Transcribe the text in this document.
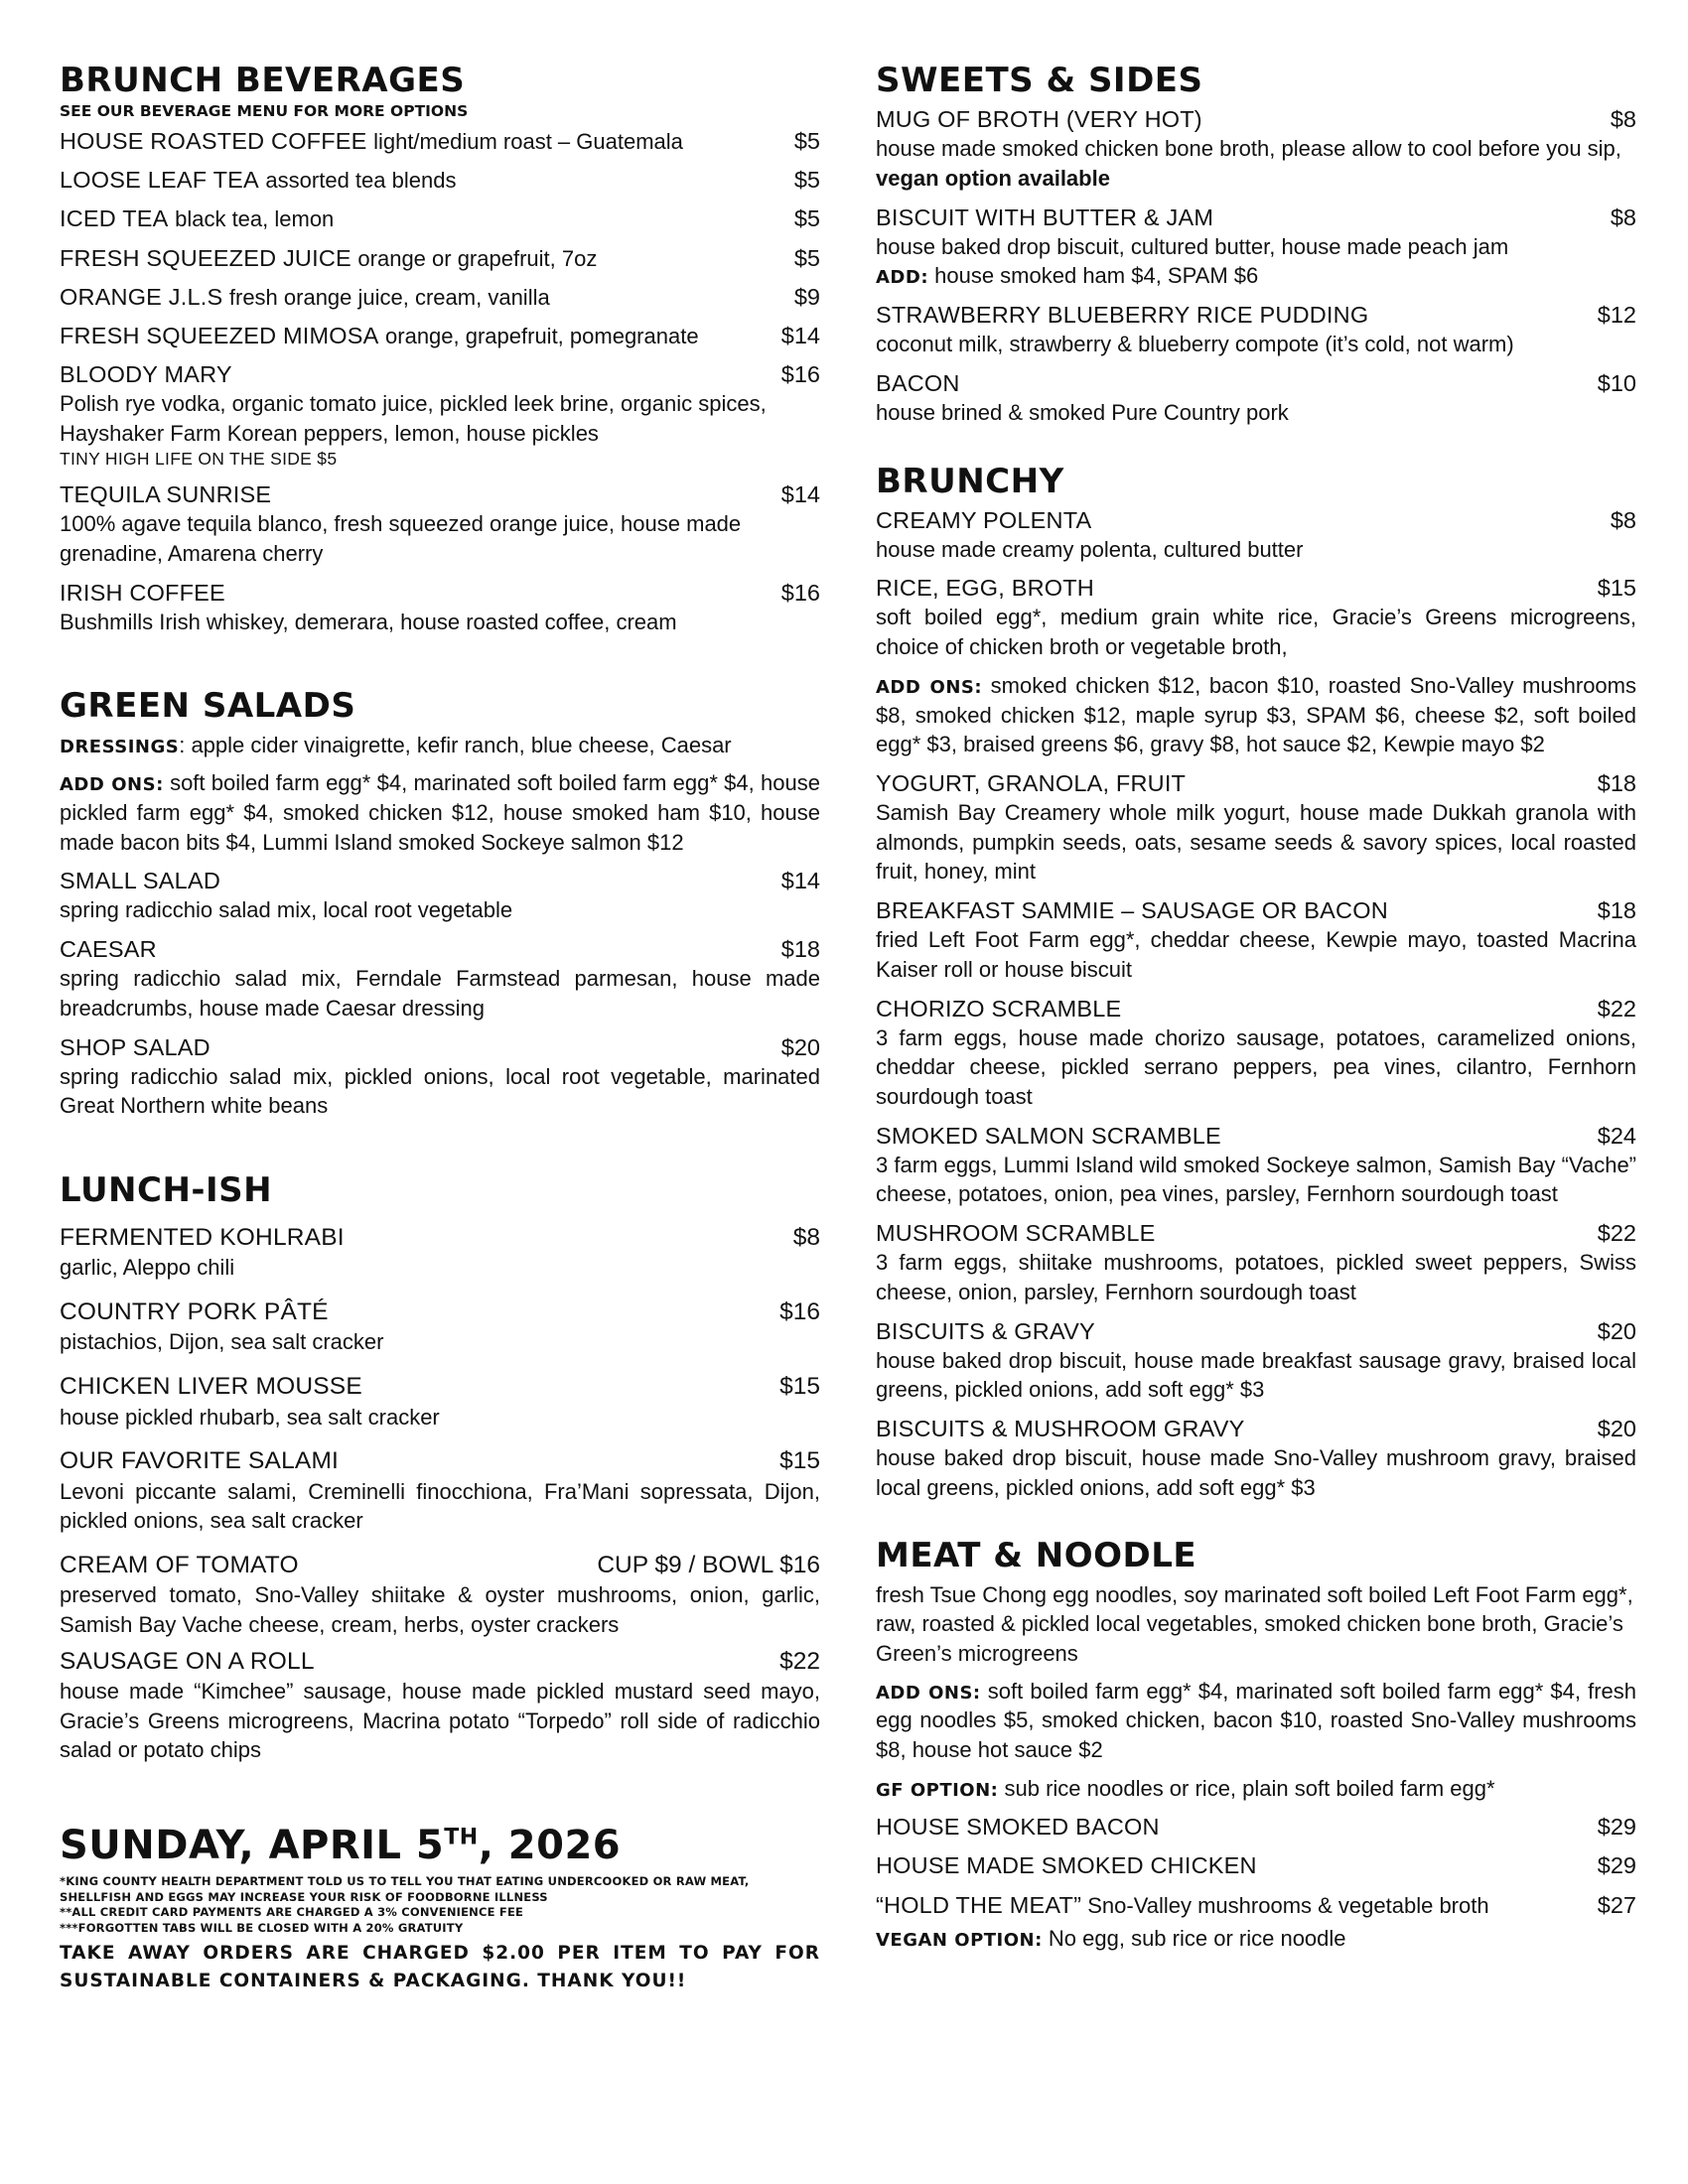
BRUNCH BEVERAGES
SEE OUR BEVERAGE MENU FOR MORE OPTIONS
HOUSE ROASTED COFFEE light/medium roast – Guatemala	$5
LOOSE LEAF TEA assorted tea blends	$5
ICED TEA black tea, lemon	$5
FRESH SQUEEZED JUICE orange or grapefruit, 7oz	$5
ORANGE J.L.S fresh orange juice, cream, vanilla	$9
FRESH SQUEEZED MIMOSA orange, grapefruit, pomegranate	$14
BLOODY MARY	$16
Polish rye vodka, organic tomato juice, pickled leek brine, organic spices, Hayshaker Farm Korean peppers, lemon, house pickles
TINY HIGH LIFE ON THE SIDE $5
TEQUILA SUNRISE	$14
100% agave tequila blanco, fresh squeezed orange juice, house made grenadine, Amarena cherry
IRISH COFFEE	$16
Bushmills Irish whiskey, demerara, house roasted coffee, cream
GREEN SALADS
DRESSINGS: apple cider vinaigrette, kefir ranch, blue cheese, Caesar
ADD ONS: soft boiled farm egg* $4, marinated soft boiled farm egg* $4, house pickled farm egg* $4, smoked chicken $12, house smoked ham $10, house made bacon bits $4, Lummi Island smoked Sockeye salmon $12
SMALL SALAD	$14
spring radicchio salad mix, local root vegetable
CAESAR	$18
spring radicchio salad mix, Ferndale Farmstead parmesan, house made breadcrumbs, house made Caesar dressing
SHOP SALAD	$20
spring radicchio salad mix, pickled onions, local root vegetable, marinated Great Northern white beans
LUNCH-ISH
FERMENTED KOHLRABI	$8
garlic, Aleppo chili
COUNTRY PORK PÂTÉ	$16
pistachios, Dijon, sea salt cracker
CHICKEN LIVER MOUSSE	$15
house pickled rhubarb, sea salt cracker
OUR FAVORITE SALAMI	$15
Levoni piccante salami, Creminelli finocchiona, Fra’Mani sopressata, Dijon, pickled onions, sea salt cracker
CREAM OF TOMATO	CUP $9 / BOWL $16
preserved tomato, Sno-Valley shiitake & oyster mushrooms, onion, garlic, Samish Bay Vache cheese, cream, herbs, oyster crackers
SAUSAGE ON A ROLL	$22
house made “Kimchee” sausage, house made pickled mustard seed mayo, Gracie’s Greens microgreens, Macrina potato “Torpedo” roll side of radicchio salad or potato chips
SUNDAY, APRIL 5TH, 2026
*KING COUNTY HEALTH DEPARTMENT TOLD US TO TELL YOU THAT EATING UNDERCOOKED OR RAW MEAT, SHELLFISH AND EGGS MAY INCREASE YOUR RISK OF FOODBORNE ILLNESS
**ALL CREDIT CARD PAYMENTS ARE CHARGED A 3% CONVENIENCE FEE
***FORGOTTEN TABS WILL BE CLOSED WITH A 20% GRATUITY
TAKE AWAY ORDERS ARE CHARGED $2.00 PER ITEM TO PAY FOR SUSTAINABLE CONTAINERS & PACKAGING. THANK YOU!!
SWEETS & SIDES
MUG OF BROTH (VERY HOT)	$8
house made smoked chicken bone broth, please allow to cool before you sip, vegan option available
BISCUIT WITH BUTTER & JAM	$8
house baked drop biscuit, cultured butter, house made peach jam
ADD: house smoked ham $4, SPAM $6
STRAWBERRY BLUEBERRY RICE PUDDING	$12
coconut milk, strawberry & blueberry compote (it’s cold, not warm)
BACON	$10
house brined & smoked Pure Country pork
BRUNCHY
CREAMY POLENTA	$8
house made creamy polenta, cultured butter
RICE, EGG, BROTH	$15
soft boiled egg*, medium grain white rice, Gracie’s Greens microgreens, choice of chicken broth or vegetable broth,
ADD ONS: smoked chicken $12, bacon $10, roasted Sno-Valley mushrooms $8, smoked chicken $12, maple syrup $3, SPAM $6, cheese $2, soft boiled egg* $3, braised greens $6, gravy $8, hot sauce $2, Kewpie mayo $2
YOGURT, GRANOLA, FRUIT	$18
Samish Bay Creamery whole milk yogurt, house made Dukkah granola with almonds, pumpkin seeds, oats, sesame seeds & savory spices, local roasted fruit, honey, mint
BREAKFAST SAMMIE – SAUSAGE OR BACON	$18
fried Left Foot Farm egg*, cheddar cheese, Kewpie mayo, toasted Macrina Kaiser roll or house biscuit
CHORIZO SCRAMBLE	$22
3 farm eggs, house made chorizo sausage, potatoes, caramelized onions, cheddar cheese, pickled serrano peppers, pea vines, cilantro, Fernhorn sourdough toast
SMOKED SALMON SCRAMBLE	$24
3 farm eggs, Lummi Island wild smoked Sockeye salmon, Samish Bay “Vache” cheese, potatoes, onion, pea vines, parsley, Fernhorn sourdough toast
MUSHROOM SCRAMBLE	$22
3 farm eggs, shiitake mushrooms, potatoes, pickled sweet peppers, Swiss cheese, onion, parsley, Fernhorn sourdough toast
BISCUITS & GRAVY	$20
house baked drop biscuit, house made breakfast sausage gravy, braised local greens, pickled onions, add soft egg* $3
BISCUITS & MUSHROOM GRAVY	$20
house baked drop biscuit, house made Sno-Valley mushroom gravy, braised local greens, pickled onions, add soft egg* $3
MEAT & NOODLE
fresh Tsue Chong egg noodles, soy marinated soft boiled Left Foot Farm egg*, raw, roasted & pickled local vegetables, smoked chicken bone broth, Gracie’s Green’s microgreens
ADD ONS: soft boiled farm egg* $4, marinated soft boiled farm egg* $4, fresh egg noodles $5, smoked chicken, bacon $10, roasted Sno-Valley mushrooms $8, house hot sauce $2
GF OPTION: sub rice noodles or rice, plain soft boiled farm egg*
HOUSE SMOKED BACON	$29
HOUSE MADE SMOKED CHICKEN	$29
“HOLD THE MEAT” Sno-Valley mushrooms & vegetable broth	$27
VEGAN OPTION: No egg, sub rice or rice noodle
